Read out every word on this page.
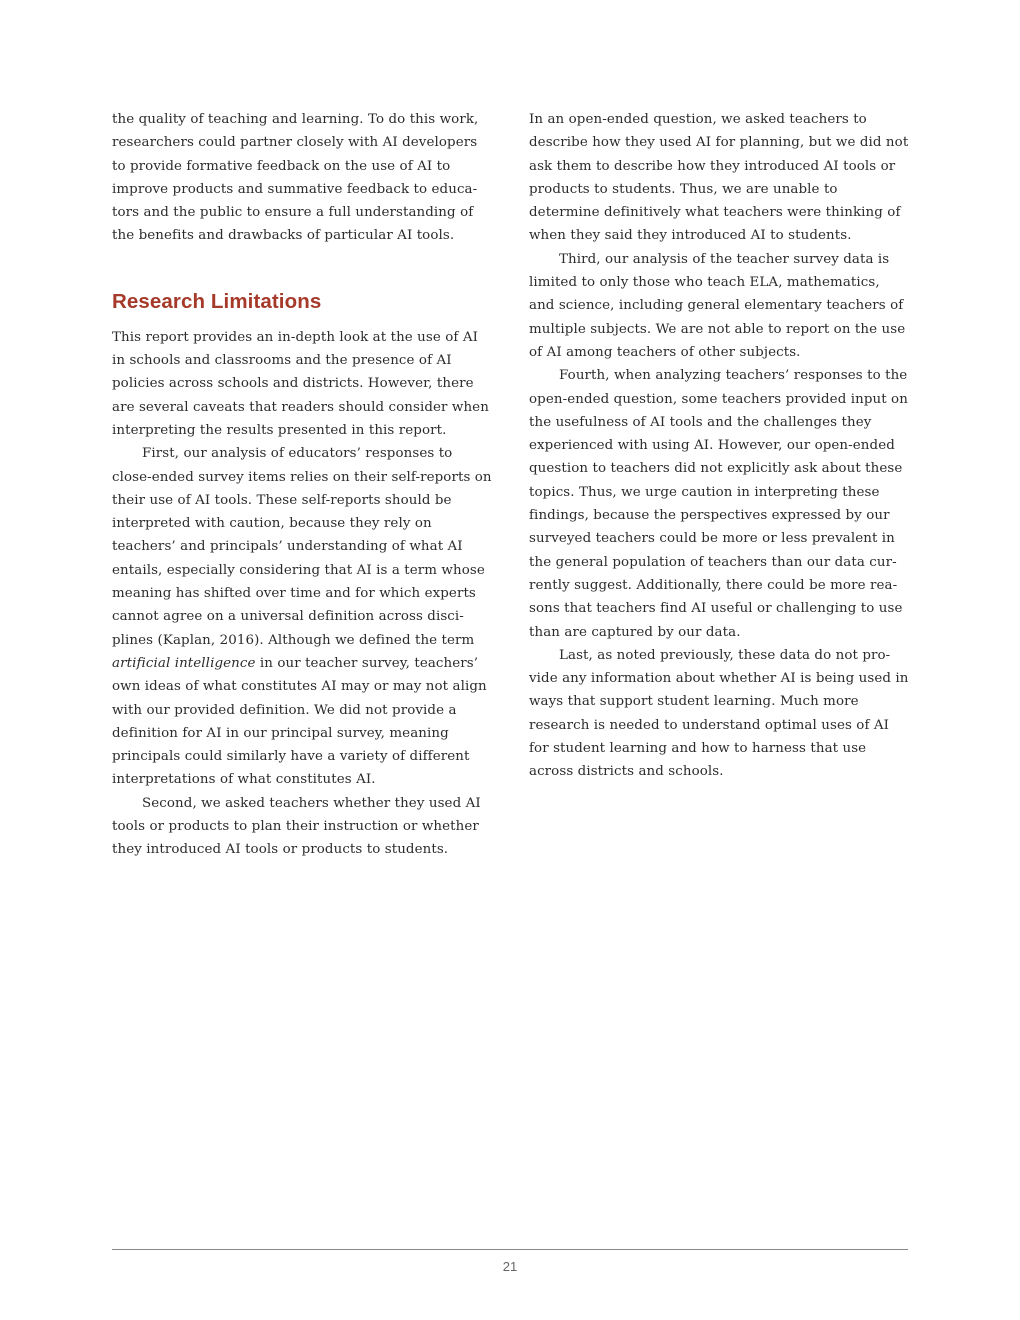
the quality of teaching and learning. To do this work, researchers could partner closely with AI developers to provide formative feedback on the use of AI to improve products and summative feedback to educators and the public to ensure a full understanding of the benefits and drawbacks of particular AI tools.

Research Limitations

This report provides an in-depth look at the use of AI in schools and classrooms and the presence of AI policies across schools and districts. However, there are several caveats that readers should consider when interpreting the results presented in this report.

First, our analysis of educators’ responses to close-ended survey items relies on their self-reports on their use of AI tools. These self-reports should be interpreted with caution, because they rely on teachers’ and principals’ understanding of what AI entails, especially considering that AI is a term whose meaning has shifted over time and for which experts cannot agree on a universal definition across disciplines (Kaplan, 2016). Although we defined the term artificial intelligence in our teacher survey, teachers’ own ideas of what constitutes AI may or may not align with our provided definition. We did not provide a definition for AI in our principal survey, meaning principals could similarly have a variety of different interpretations of what constitutes AI.

Second, we asked teachers whether they used AI tools or products to plan their instruction or whether they introduced AI tools or products to students.

In an open-ended question, we asked teachers to describe how they used AI for planning, but we did not ask them to describe how they introduced AI tools or products to students. Thus, we are unable to determine definitively what teachers were thinking of when they said they introduced AI to students.

Third, our analysis of the teacher survey data is limited to only those who teach ELA, mathematics, and science, including general elementary teachers of multiple subjects. We are not able to report on the use of AI among teachers of other subjects.

Fourth, when analyzing teachers’ responses to the open-ended question, some teachers provided input on the usefulness of AI tools and the challenges they experienced with using AI. However, our open-ended question to teachers did not explicitly ask about these topics. Thus, we urge caution in interpreting these findings, because the perspectives expressed by our surveyed teachers could be more or less prevalent in the general population of teachers than our data currently suggest. Additionally, there could be more reasons that teachers find AI useful or challenging to use than are captured by our data.

Last, as noted previously, these data do not provide any information about whether AI is being used in ways that support student learning. Much more research is needed to understand optimal uses of AI for student learning and how to harness that use across districts and schools.

21
